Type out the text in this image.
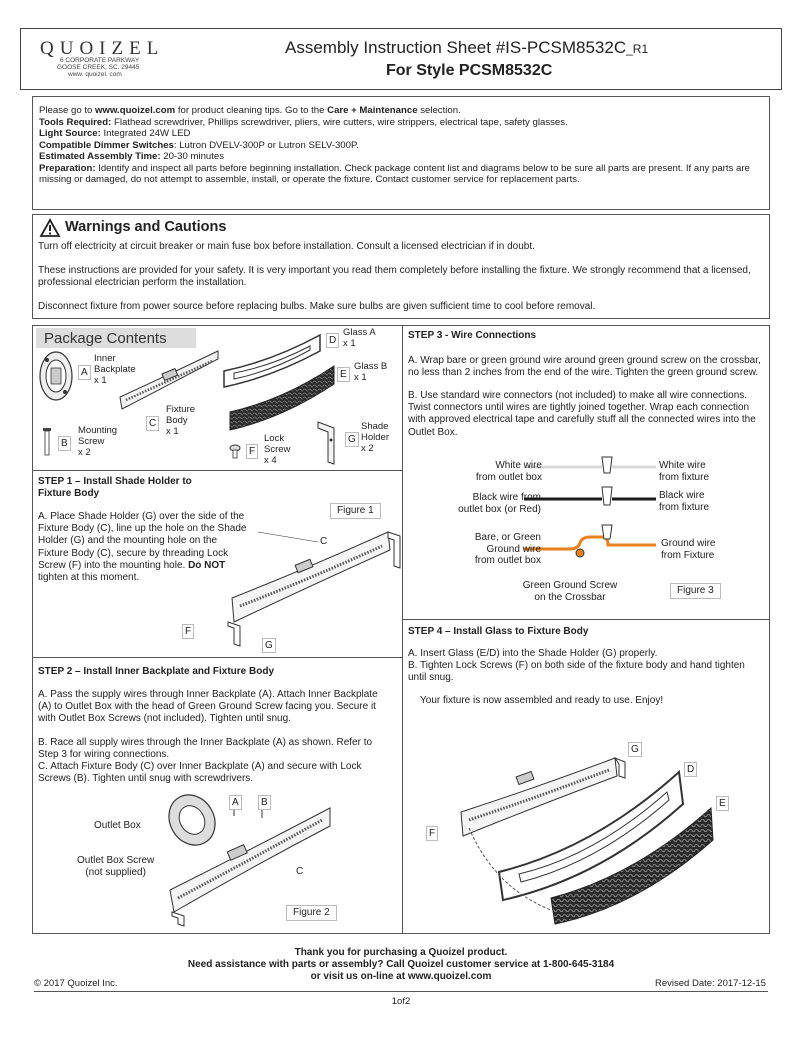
QUOIZEL
6 CORPORATE PARKWAY
GOOSE CREEK, SC. 29445
www. quoizel. com
Assembly Instruction Sheet #IS-PCSM8532C_R1
For Style PCSM8532C
Please go to www.quoizel.com for product cleaning tips. Go to the Care + Maintenance selection.
Tools Required: Flathead screwdriver, Phillips screwdriver, pliers, wire cutters, wire strippers, electrical tape, safety glasses.
Light Source: Integrated 24W LED
Compatible Dimmer Switches: Lutron DVELV-300P or Lutron SELV-300P.
Estimated Assembly Time: 20-30 minutes
Preparation: Identify and inspect all parts before beginning installation. Check package content list and diagrams below to be sure all parts are present. If any parts are missing or damaged, do not attempt to assemble, install, or operate the fixture. Contact customer service for replacement parts.
Warnings and Cautions
Turn off electricity at circuit breaker or main fuse box before installation. Consult a licensed electrician if in doubt.
These instructions are provided for your safety. It is very important you read them completely before installing the fixture. We strongly recommend that a licensed, professional electrician perform the installation.
Disconnect fixture from power source before replacing bulbs. Make sure bulbs are given sufficient time to cool before removal.
Package Contents
A
Inner
Backplate
x 1
B
Mounting
Screw
x 2
C
Fixture
Body
x 1
D
Glass A
x 1
E
Glass B
x 1
F
Lock
Screw
x 4
G
Shade
Holder
x 2
STEP 1 – Install Shade Holder to
Fixture Body
A. Place Shade Holder (G) over the side of the Fixture Body (C), line up the hole on the Shade Holder (G) and the mounting hole on the Fixture Body (C), secure by threading Lock Screw (F) into the mounting hole. Do NOT tighten at this moment.
Figure 1
C
F
G
STEP 2 – Install Inner Backplate and Fixture Body
A. Pass the supply wires through Inner Backplate (A). Attach Inner Backplate (A) to Outlet Box with the head of Green Ground Screw facing you. Secure it with Outlet Box Screws (not included). Tighten until snug.
B. Race all supply wires through the Inner Backplate (A) as shown. Refer to Step 3 for wiring connections.
C. Attach Fixture Body (C) over Inner Backplate (A) and secure with Lock Screws (B). Tighten until snug with screwdrivers.
A	B
Outlet Box
Outlet Box Screw
(not supplied)	C
Figure 2
STEP 3 - Wire Connections
A. Wrap bare or green ground wire around green ground screw on the crossbar, no less than 2 inches from the end of the wire. Tighten the green ground screw.
B. Use standard wire connectors (not included) to make all wire connections. Twist connectors until wires are tightly joined together. Wrap each connection with approved electrical tape and carefully stuff all the connected wires into the Outlet Box.
White wire
from outlet box
White wire
from fixture
Black wire from
outlet box (or Red)
Black wire
from fixture
Bare, or Green
Ground wire
from outlet box
Ground wire
from Fixture
Green Ground Screw
on the Crossbar
Figure 3
STEP 4 – Install Glass to Fixture Body
A. Insert Glass (E/D) into the Shade Holder (G) properly.
B. Tighten Lock Screws (F) on both side of the fixture body and hand tighten until snug.
Your fixture is now assembled and ready to use. Enjoy!
G
D
E
F
Thank you for purchasing a Quoizel product.
Need assistance with parts or assembly? Call Quoizel customer service at 1-800-645-3184
or visit us on-line at www.quoizel.com
© 2017 Quoizel Inc.	Revised Date: 2017-12-15
1of2
